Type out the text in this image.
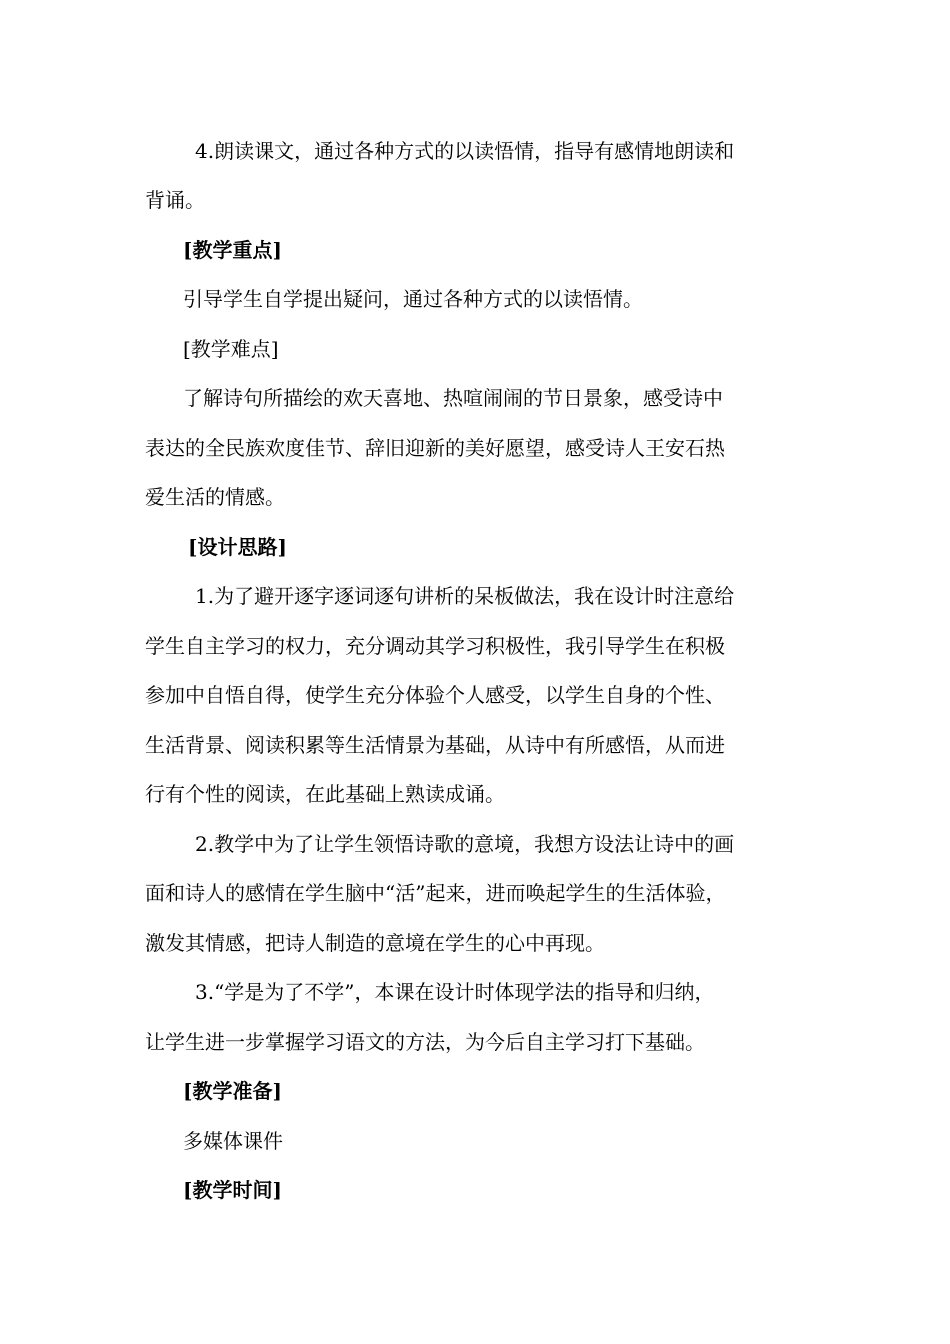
4.朗读课文，通过各种方式的以读悟情，指导有感情地朗读和
背诵。
[教学重点]
引导学生自学提出疑问，通过各种方式的以读悟情。
[教学难点]
了解诗句所描绘的欢天喜地、热喧闹闹的节日景象，感受诗中
表达的全民族欢度佳节、辞旧迎新的美好愿望，感受诗人王安石热
爱生活的情感。
[设计思路]
1.为了避开逐字逐词逐句讲析的呆板做法，我在设计时注意给
学生自主学习的权力，充分调动其学习积极性，我引导学生在积极
参加中自悟自得，使学生充分体验个人感受，以学生自身的个性、
生活背景、阅读积累等生活情景为基础，从诗中有所感悟，从而进
行有个性的阅读，在此基础上熟读成诵。
2.教学中为了让学生领悟诗歌的意境，我想方设法让诗中的画
面和诗人的感情在学生脑中“活”起来，进而唤起学生的生活体验，
激发其情感，把诗人制造的意境在学生的心中再现。
3.“学是为了不学”，本课在设计时体现学法的指导和归纳，
让学生进一步掌握学习语文的方法，为今后自主学习打下基础。
[教学准备]
多媒体课件
[教学时间]
